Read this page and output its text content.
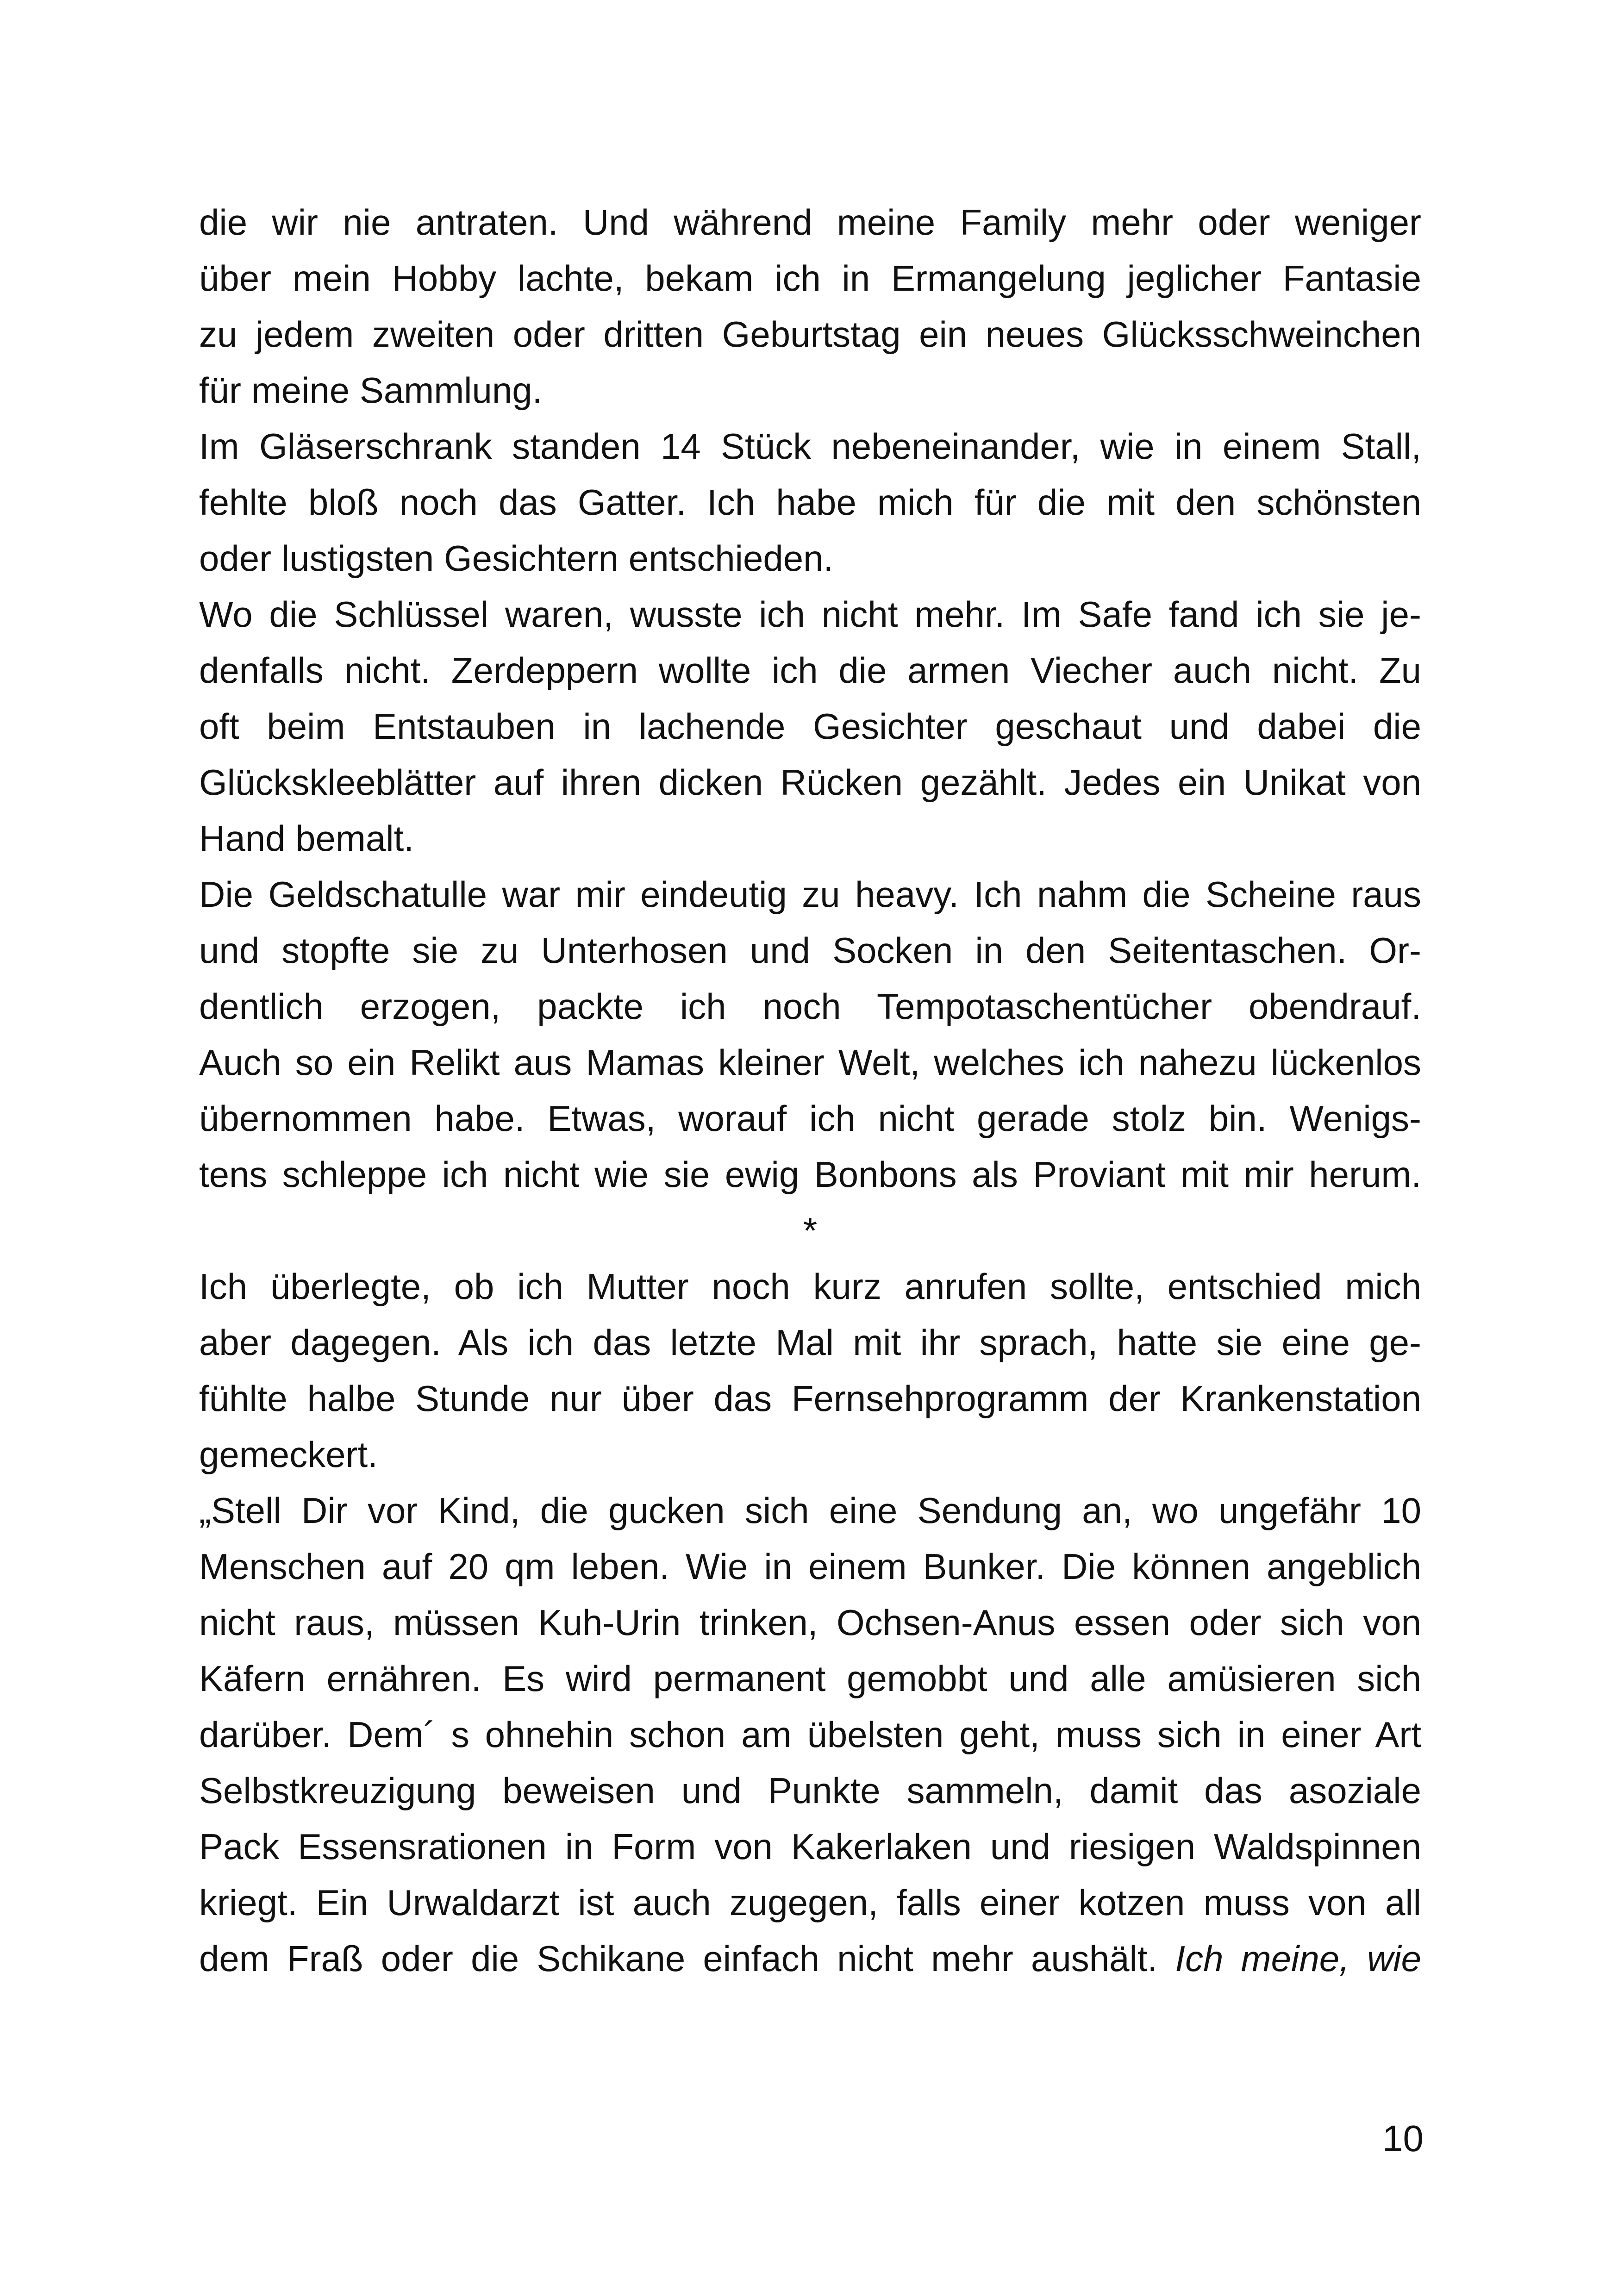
die wir nie antraten. Und während meine Family mehr oder weniger
über mein Hobby lachte, bekam ich in Ermangelung jeglicher Fantasie
zu jedem zweiten oder dritten Geburtstag ein neues Glücksschweinchen
für meine Sammlung.
Im Gläserschrank standen 14 Stück nebeneinander, wie in einem Stall,
fehlte bloß noch das Gatter. Ich habe mich für die mit den schönsten
oder lustigsten Gesichtern entschieden.
Wo die Schlüssel waren, wusste ich nicht mehr. Im Safe fand ich sie je-
denfalls nicht. Zerdeppern wollte ich die armen Viecher auch nicht. Zu
oft beim Entstauben in lachende Gesichter geschaut und dabei die
Glückskleeblätter auf ihren dicken Rücken gezählt. Jedes ein Unikat von
Hand bemalt.
Die Geldschatulle war mir eindeutig zu heavy. Ich nahm die Scheine raus
und stopfte sie zu Unterhosen und Socken in den Seitentaschen. Or-
dentlich erzogen, packte ich noch Tempotaschentücher obendrauf.
Auch so ein Relikt aus Mamas kleiner Welt, welches ich nahezu lückenlos
übernommen habe. Etwas, worauf ich nicht gerade stolz bin. Wenigs-
tens schleppe ich nicht wie sie ewig Bonbons als Proviant mit mir herum.
*
Ich überlegte, ob ich Mutter noch kurz anrufen sollte, entschied mich
aber dagegen. Als ich das letzte Mal mit ihr sprach, hatte sie eine ge-
fühlte halbe Stunde nur über das Fernsehprogramm der Krankenstation
gemeckert.
„Stell Dir vor Kind, die gucken sich eine Sendung an, wo ungefähr 10
Menschen auf 20 qm leben. Wie in einem Bunker. Die können angeblich
nicht raus, müssen Kuh-Urin trinken, Ochsen-Anus essen oder sich von
Käfern ernähren. Es wird permanent gemobbt und alle amüsieren sich
darüber. Dem´ s ohnehin schon am übelsten geht, muss sich in einer Art
Selbstkreuzigung beweisen und Punkte sammeln, damit das asoziale
Pack Essensrationen in Form von Kakerlaken und riesigen Waldspinnen
kriegt. Ein Urwaldarzt ist auch zugegen, falls einer kotzen muss von all
dem Fraß oder die Schikane einfach nicht mehr aushält. Ich meine, wie
10
